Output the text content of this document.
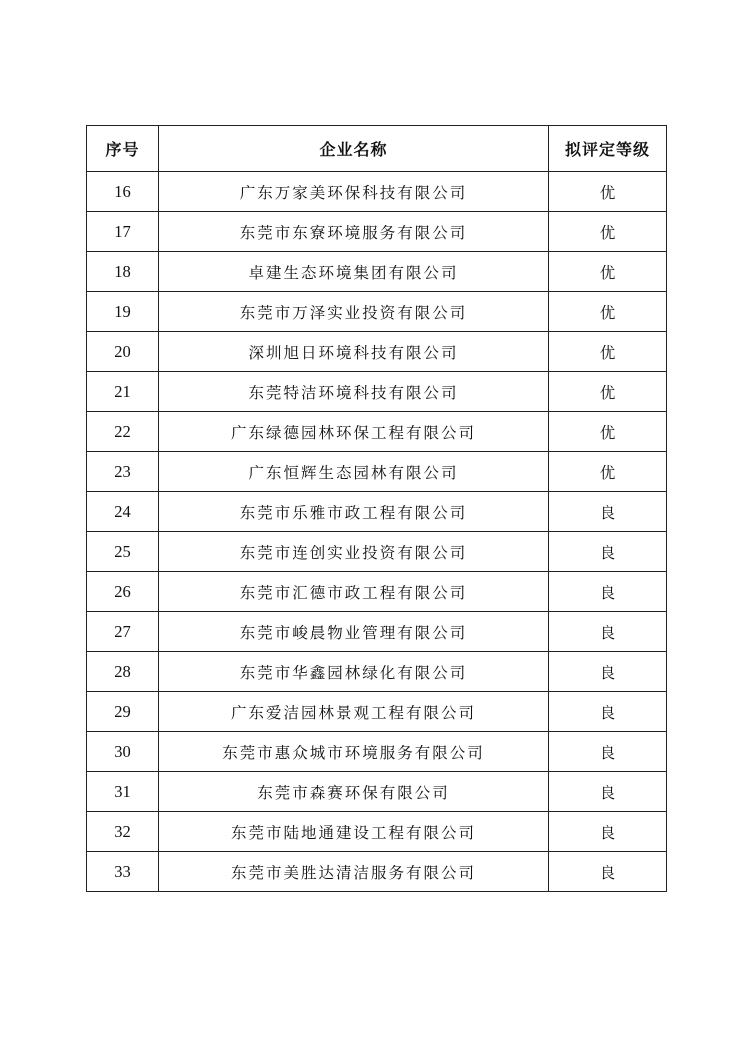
序号	企业名称	拟评定等级
16	广东万家美环保科技有限公司	优
17	东莞市东寮环境服务有限公司	优
18	卓建生态环境集团有限公司	优
19	东莞市万泽实业投资有限公司	优
20	深圳旭日环境科技有限公司	优
21	东莞特洁环境科技有限公司	优
22	广东绿德园林环保工程有限公司	优
23	广东恒辉生态园林有限公司	优
24	东莞市乐雅市政工程有限公司	良
25	东莞市连创实业投资有限公司	良
26	东莞市汇德市政工程有限公司	良
27	东莞市峻晨物业管理有限公司	良
28	东莞市华鑫园林绿化有限公司	良
29	广东爱洁园林景观工程有限公司	良
30	东莞市惠众城市环境服务有限公司	良
31	东莞市森赛环保有限公司	良
32	东莞市陆地通建设工程有限公司	良
33	东莞市美胜达清洁服务有限公司	良
